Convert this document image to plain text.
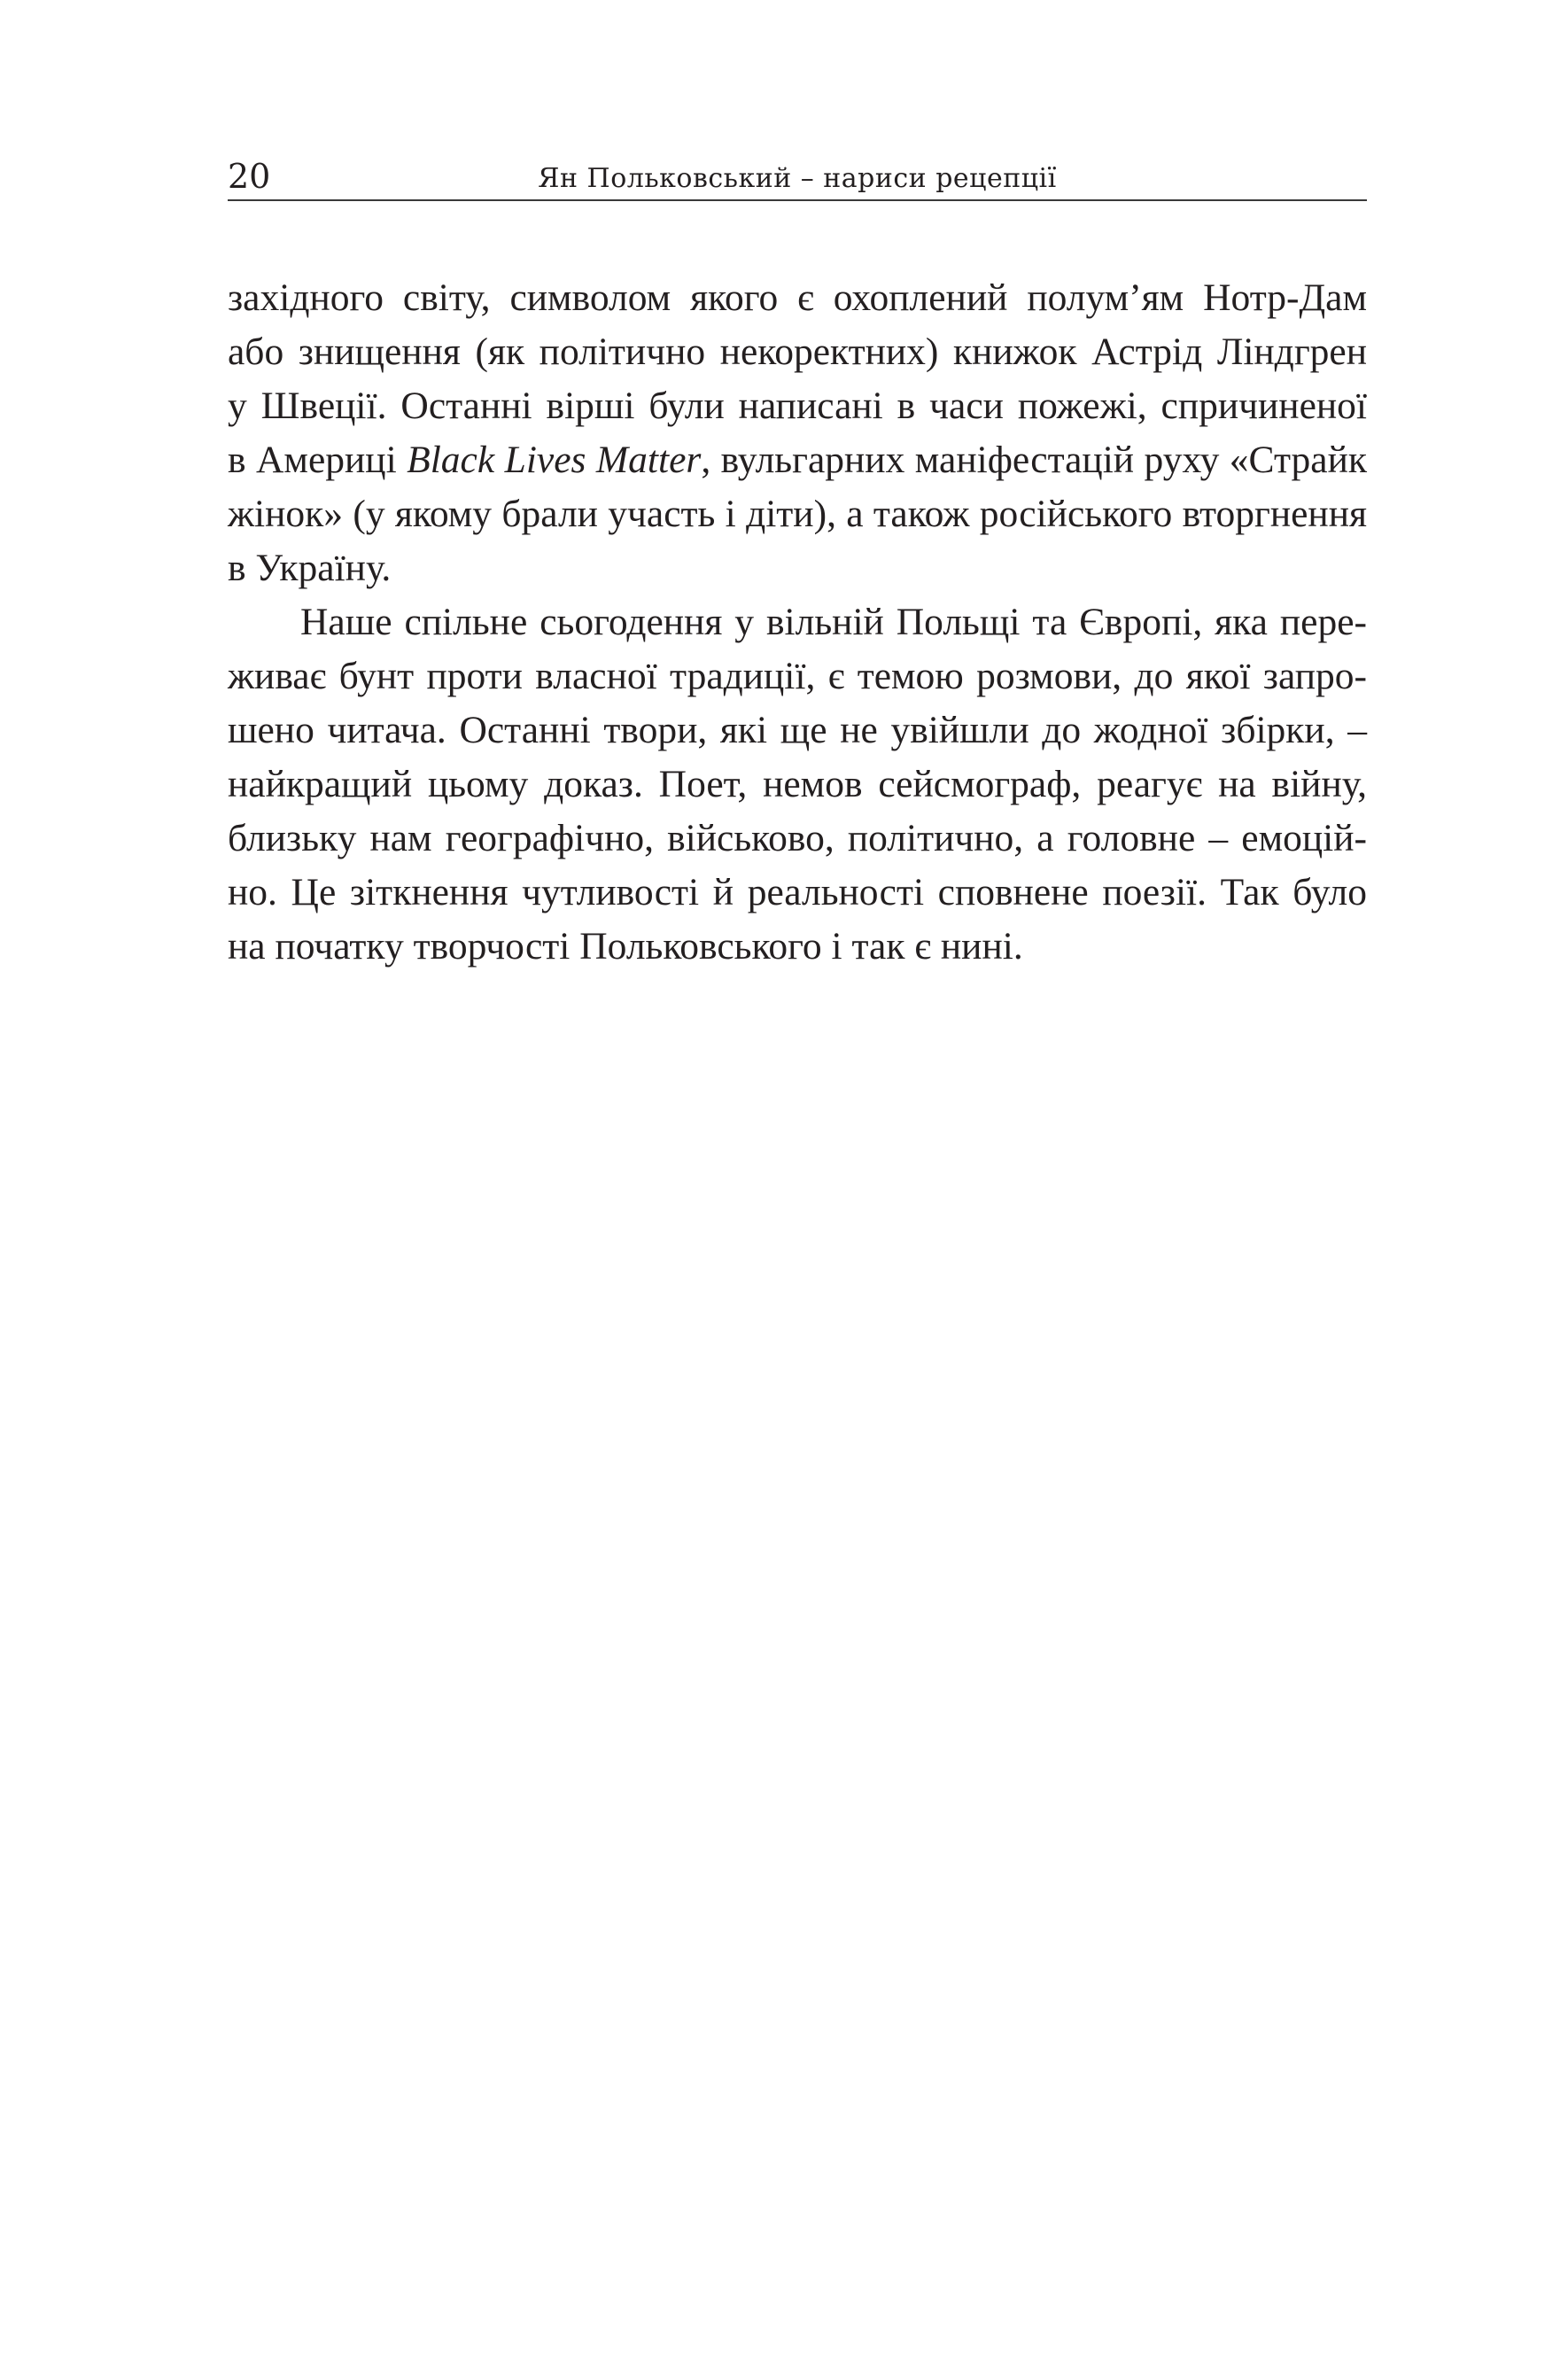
20	Ян Польковський – нариси рецепції
західного світу, символом якого є охоплений полум’ям Нотр-Дам
або знищення (як політично некоректних) книжок Астрід Ліндгрен
у Швеції. Останні вірші були написані в часи пожежі, спричиненої
в Америці Black Lives Matter, вульгарних маніфестацій руху «Страйк
жінок» (у якому брали участь і діти), а також російського вторгнення
в Україну.
Наше спільне сьогодення у вільній Польщі та Європі, яка пере-
живає бунт проти власної традиції, є темою розмови, до якої запро-
шено читача. Останні твори, які ще не увійшли до жодної збірки, –
найкращий цьому доказ. Поет, немов сейсмограф, реагує на війну,
близьку нам географічно, військово, політично, а головне – емоцій-
но. Це зіткнення чутливості й реальності сповнене поезії. Так було
на початку творчості Польковського і так є нині.
